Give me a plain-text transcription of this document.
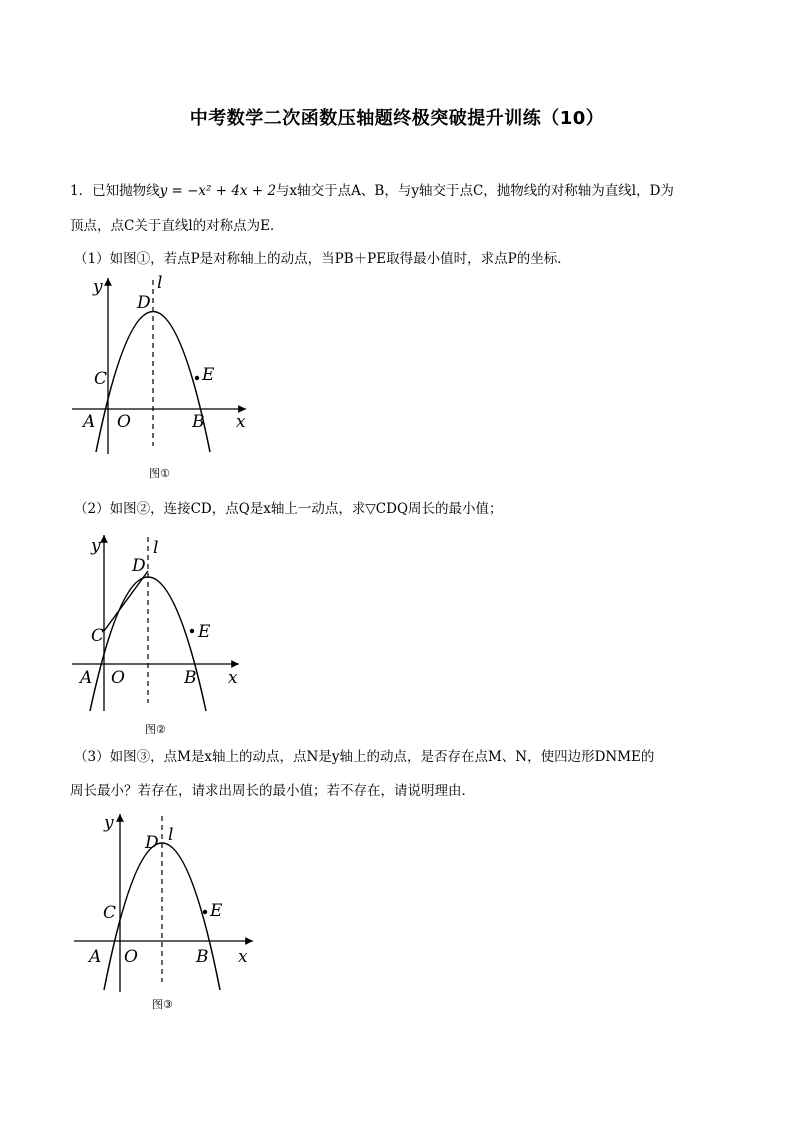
中考数学二次函数压轴题终极突破提升训练（10）
1．已知抛物线y = −x² + 4x + 2与x轴交于点A、B，与y轴交于点C，抛物线的对称轴为直线l，D为
顶点，点C关于直线l的对称点为E．
（1）如图①，若点P是对称轴上的动点，当PB＋PE取得最小值时，求点P的坐标．
y	l
D
C	E
A O	B x
图①
（2）如图②，连接CD，点Q是x轴上一动点，求▽CDQ周长的最小值；
y	l
D
C	E
A O	B x
图②
（3）如图③，点M是x轴上的动点，点N是y轴上的动点，是否存在点M、N，使四边形DNME的
周长最小？若存在，请求出周长的最小值；若不存在，请说明理由．
y
l
D
C	E
A O	B x
图③
